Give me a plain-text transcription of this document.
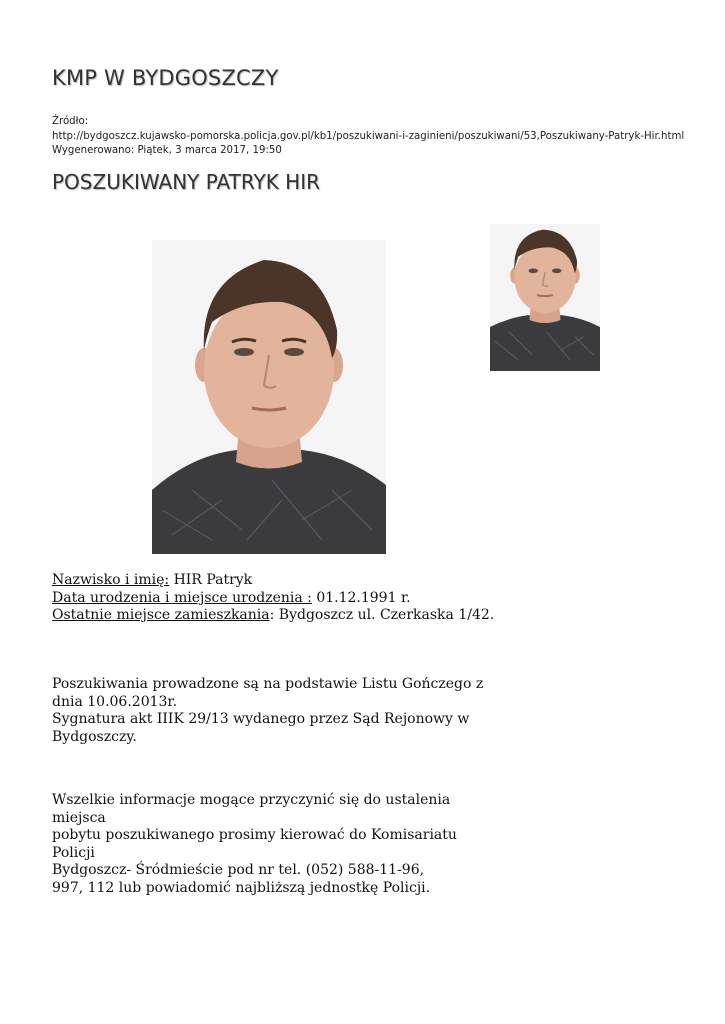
KMP W BYDGOSZCZY
Źródło:
http://bydgoszcz.kujawsko-pomorska.policja.gov.pl/kb1/poszukiwani-i-zaginieni/poszukiwani/53,Poszukiwany-Patryk-Hir.html
Wygenerowano: Piątek, 3 marca 2017, 19:50
POSZUKIWANY PATRYK HIR
Nazwisko i imię: HIR Patryk
Data urodzenia i miejsce urodzenia : 01.12.1991 r.
Ostatnie miejsce zamieszkania: Bydgoszcz ul. Czerkaska 1/42.
Poszukiwania prowadzone są na podstawie Listu Gończego z
dnia 10.06.2013r.
Sygnatura akt IIIK 29/13 wydanego przez Sąd Rejonowy w
Bydgoszczy.
Wszelkie informacje mogące przyczynić się do ustalenia miejsca
pobytu poszukiwanego prosimy kierować do Komisariatu Policji
Bydgoszcz- Śródmieście pod nr tel. (052) 588-11-96,
997, 112 lub powiadomić najbliższą jednostkę Policji.
